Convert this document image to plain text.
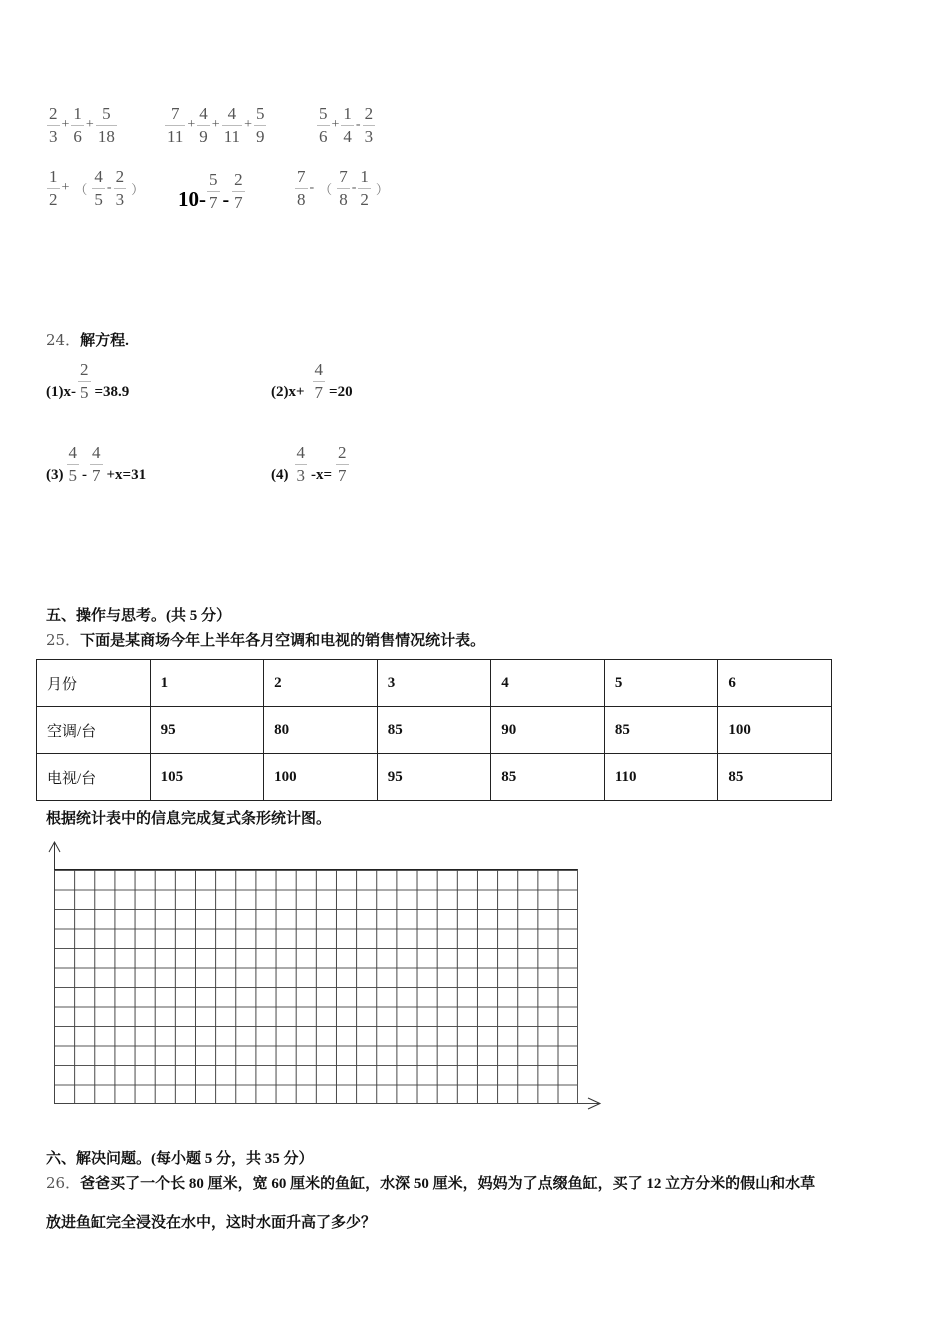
$\frac{2}{3} + \frac{1}{6} + \frac{5}{18}$	$\frac{7}{11} + \frac{4}{9} + \frac{4}{11} + \frac{5}{9}$	$\frac{5}{6} + \frac{1}{4} - \frac{2}{3}$
$\frac{1}{2}$ + （ $\frac{4}{5} - \frac{2}{3}$ ） $10- \frac{5}{7} - \frac{2}{7}$	$\frac{7}{8}$ - （ $\frac{7}{8} - \frac{1}{2}$ ）
24．解方程.
$(1)x- \frac{2}{5} =38.9$	$(2)x+ \frac{4}{7} =20$
$(3) \frac{4}{5} - \frac{4}{7} +x=31$	$(4) \frac{4}{3} -x= \frac{2}{7}$
五、操作与思考。(共 5 分）
25．下面是某商场今年上半年各月空调和电视的销售情况统计表。
月份	1	2	3	4	5	6
空调/台	95	80	85	90	85	100
电视/台	105	100	95	85	110	85
根据统计表中的信息完成复式条形统计图。
六、解决问题。(每小题 5 分，共 35 分）
26．爸爸买了一个长 80 厘米，宽 60 厘米的鱼缸，水深 50 厘米，妈妈为了点缀鱼缸，买了 12 立方分米的假山和水草
放进鱼缸完全浸没在水中，这时水面升高了多少？
